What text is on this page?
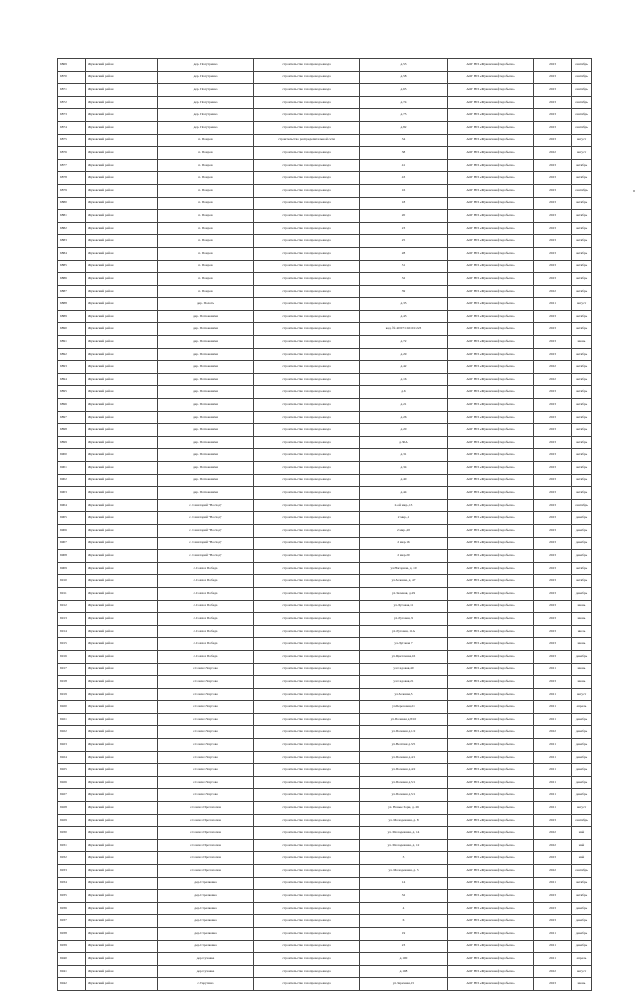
6869	Жуковский район	дер. Полутренко	строительство газопровода-ввода	д.53	АОГ НП «Жуковскнефтедобыча»	2023	сентябрь
6870	Жуковский район	дер. Полутренко	строительство газопровода-ввода	д.58	АОГ НП «Жуковскнефтедобыча»	2023	сентябрь
6871	Жуковский район	дер. Полутренко	строительство газопровода-ввода	д.65	АОГ НП «Жуковскнефтедобыча»	2023	сентябрь
6872	Жуковский район	дер. Полутренко	строительство газопровода-ввода	д.74	АОГ НП «Жуковскнефтедобыча»	2023	сентябрь
6873	Жуковский район	дер. Полутренко	строительство газопровода-ввода	д.75	АОГ НП «Жуковскнефтедобыча»	2023	сентябрь
6874	Жуковский район	дер. Полутренко	строительство газопровода-ввода	д.82	АОГ НП «Жуковскнефтедобыча»	2023	сентябрь
6875	Жуковский район	п. Покров	строительство распределительной сети	34	АОГ НП «Жуковскнефтедобыча»	2023	август
6876	Жуковский район	п. Покров	строительство газопровода-ввода	38	АОГ НП «Жуковскнефтедобыча»	2022	август
6877	Жуковский район	п. Покров	строительство газопровода-ввода	41	АОГ НП «Жуковскнефтедобыча»	2023	октябрь
6878	Жуковский район	п. Покров	строительство газопровода-ввода	43	АОГ НП «Жуковскнефтедобыча»	2023	октябрь
6879	Жуковский район	п. Покров	строительство газопровода-ввода	16	АОГ НП «Жуковскнефтедобыча»	2023	сентябрь
6880	Жуковский район	п. Покров	строительство газопровода-ввода	18	АОГ НП «Жуковскнефтедобыча»	2023	октябрь
6881	Жуковский район	п. Покров	строительство газопровода-ввода	20	АОГ НП «Жуковскнефтедобыча»	2023	октябрь
6882	Жуковский район	п. Покров	строительство газопровода-ввода	23	АОГ НП «Жуковскнефтедобыча»	2023	октябрь
6883	Жуковский район	п. Покров	строительство газопровода-ввода	25	АОГ НП «Жуковскнефтедобыча»	2023	октябрь
6884	Жуковский район	п. Покров	строительство газопровода-ввода	28	АОГ НП «Жуковскнефтедобыча»	2023	октябрь
6885	Жуковский район	п. Покров	строительство газопровода-ввода	31	АОГ НП «Жуковскнефтедобыча»	2023	октябрь
6886	Жуковский район	п. Покров	строительство газопровода-ввода	32	АОГ НП «Жуковскнефтедобыча»	2023	октябрь
6887	Жуковский район	п. Покров	строительство газопровода-ввода	39	АОГ НП «Жуковскнефтедобыча»	2022	октябрь
6888	Жуковский район	дер. Полоть	строительство газопровода-ввода	д.35	АОГ НП «Жуковскнефтедобыча»	2021	август
6889	Жуковский район	дер. Потюковичи	строительство газопровода-ввода	д.43	АОГ НП «Жуковскнефтедобыча»	2023	октябрь
6890	Жуковский район	дер. Потюковичи	строительство газопровода-ввода	кад. № 40:07:102101:223	АОГ НП «Жуковскнефтедобыча»	2023	октябрь
6891	Жуковский район	дер. Потюковичи	строительство газопровода-ввода	д.72	АОГ НП «Жуковскнефтедобыча»	2023	июнь
6892	Жуковский район	дер. Потюковичи	строительство газопровода-ввода	д.29	АОГ НП «Жуковскнефтедобыча»	2023	октябрь
6893	Жуковский район	дер. Потюковичи	строительство газопровода-ввода	д.42	АОГ НП «Жуковскнефтедобыча»	2022	октябрь
6894	Жуковский район	дер. Потюковичи	строительство газопровода-ввода	д.16	АОГ НП «Жуковскнефтедобыча»	2022	октябрь
6895	Жуковский район	дер. Потюковичи	строительство газопровода-ввода	д.6	АОГ НП «Жуковскнефтедобыча»	2023	октябрь
6896	Жуковский район	дер. Потюковичи	строительство газопровода-ввода	д.21	АОГ НП «Жуковскнефтедобыча»	2023	октябрь
6897	Жуковский район	дер. Потюковичи	строительство газопровода-ввода	д.26	АОГ НП «Жуковскнефтедобыча»	2023	октябрь
6898	Жуковский район	дер. Потюковичи	строительство газопровода-ввода	д.20	АОГ НП «Жуковскнефтедобыча»	2023	октябрь
6899	Жуковский район	дер. Потюковичи	строительство газопровода-ввода	д.30А	АОГ НП «Жуковскнефтедобыча»	2023	октябрь
6900	Жуковский район	дер. Потюковичи	строительство газопровода-ввода	д.31	АОГ НП «Жуковскнефтедобыча»	2023	октябрь
6901	Жуковский район	дер. Потюковичи	строительство газопровода-ввода	д.34	АОГ НП «Жуковскнефтедобыча»	2023	октябрь
6902	Жуковский район	дер. Потюковичи	строительство газопровода-ввода	д.40	АОГ НП «Жуковскнефтедобыча»	2023	октябрь
6903	Жуковский район	дер. Потюковичи	строительство газопровода-ввода	д.44	АОГ НП «Жуковскнефтедобыча»	2023	октябрь
6904	Жуковский район	с. Санаторий "Восход"	строительство газопровода-ввода	2-ой мкр.,13	АОГ НП «Жуковскнефтедобыча»	2023	сентябрь
6905	Жуковский район	с. Санаторий "Восход"	строительство газопровода-ввода	2 мкр.,1	АОГ НП «Жуковскнефтедобыча»	2023	декабрь
6906	Жуковский район	с. Санаторий "Восход"	строительство газопровода-ввода	2 мкр.,20	АОГ НП «Жуковскнефтедобыча»	2023	декабрь
6907	Жуковский район	с. Санаторий "Восход"	строительство газопровода-ввода	2 мкр.16	АОГ НП «Жуковскнефтедобыча»	2023	декабрь
6908	Жуковский район	с. Санаторий "Восход"	строительство газопровода-ввода	2 мкр.20	АОГ НП «Жуковскнефтедобыча»	2023	декабрь
6909	Жуковский район	с.Совхоз Победа	строительство газопровода-ввода	ул.Нагорная, д. 10	АОГ НП «Жуковскнефтедобыча»	2023	октябрь
6910	Жуковский район	с.Совхоз Победа	строительство газопровода-ввода	ул.Зеленая, д. 47	АОГ НП «Жуковскнефтедобыча»	2023	октябрь
6911	Жуковский район	с.Совхоз Победа	строительство газопровода-ввода	ул.Зеленая, д.29	АОГ НП «Жуковскнефтедобыча»	2023	декабрь
6912	Жуковский район	с.Совхоз Победа	строительство газопровода-ввода	ул.Луговая,11	АОГ НП «Жуковскнефтедобыча»	2023	июнь
6913	Жуковский район	с.Совхоз Победа	строительство газопровода-ввода	ул.Луговая, 9	АОГ НП «Жуковскнефтедобыча»	2023	июнь
6914	Жуковский район	с.Совхоз Победа	строительство газопровода-ввода	ул.Луговая, 11А	АОГ НП «Жуковскнефтедобыча»	2023	июль
6915	Жуковский район	с.Совхоз Победа	строительство газопровода-ввода	ул.Луговая 7	АОГ НП «Жуковскнефтедобыча»	2023	июнь
6916	Жуковский район	с.Совхоз Победа	строительство газопровода-ввода	ул.Цветочная,16	АОГ НП «Жуковскнефтедобыча»	2023	декабрь
6917	Жуковский район	с.Совхоз Чаусово	строительство газопровода-ввода	ул.Садовая,40	АОГ НП «Жуковскнефтедобыча»	2021	июнь
6918	Жуковский район	с.Совхоз Чаусово	строительство газопровода-ввода	ул.Садовая,21	АОГ НП «Жуковскнефтедобыча»	2023	июнь
6919	Жуковский район	с.Совхоз Чаусово	строительство газопровода-ввода	ул.Зеленая,5	АОГ НП «Жуковскнефтедобыча»	2021	август
6920	Жуковский район	с.Совхоз Чаусово	строительство газопровода-ввода	ул.Березовая,21	АОГ НП «Жуковскнефтедобыча»	2021	апрель
6921	Жуковский район	с.Совхоз Чаусово	строительство газопровода-ввода	ул.Полевая д.8/10	АОГ НП «Жуковскнефтедобыча»	2021	декабрь
6922	Жуковский район	с.Совхоз Чаусово	строительство газопровода-ввода	ул.Полевая д.1/2	АОГ НП «Жуковскнефтедобыча»	2022	декабрь
6923	Жуковский район	с.Совхоз Чаусово	строительство газопровода-ввода	ул.Весёлая д.3/5	АОГ НП «Жуковскнефтедобыча»	2021	декабрь
6924	Жуковский район	с.Совхоз Чаусово	строительство газопровода-ввода	ул.Полевая д.4/1	АОГ НП «Жуковскнефтедобыча»	2021	декабрь
6925	Жуковский район	с.Совхоз Чаусово	строительство газопровода-ввода	ул.Полевая д.4/2	АОГ НП «Жуковскнефтедобыча»	2021	декабрь
6926	Жуковский район	с.Совхоз Чаусово	строительство газопровода-ввода	ул.Полевая д.5/1	АОГ НП «Жуковскнефтедобыча»	2021	декабрь
6927	Жуковский район	с.Совхоз Чаусово	строительство газопровода-ввода	ул.Полевая д.5/1	АОГ НП «Жуковскнефтедобыча»	2021	декабрь
6928	Жуковский район	с.Совхоз Протопопов	строительство газопровода-ввода	ул. Новые Зори, д. 26	АОГ НП «Жуковскнефтедобыча»	2021	август
6929	Жуковский район	с.Совхоз Протопопов	строительство газопровода-ввода	ул. Молодежная, д. 8	АОГ НП «Жуковскнефтедобыча»	2023	сентябрь
6930	Жуковский район	с.Совхоз Протопопов	строительство газопровода-ввода	ул. Молодежная, д. 14	АОГ НП «Жуковскнефтедобыча»	2022	май
6931	Жуковский район	с.Совхоз Протопопов	строительство газопровода-ввода	ул. Молодежная, д. 12	АОГ НП «Жуковскнефтедобыча»	2022	май
6932	Жуковский район	с.Совхоз Протопопов	строительство газопровода-ввода	3	АОГ НП «Жуковскнефтедобыча»	2023	май
6933	Жуковский район	с.Совхоз Протопопов	строительство газопровода-ввода	ул. Молодежная, д. 5	АОГ НП «Жуковскнефтедобыча»	2022	сентябрь
6934	Жуковский район	дер.Стрелковка	строительство газопровода-ввода	14	АОГ НП «Жуковскнефтедобыча»	2021	октябрь
6935	Жуковский район	дер.Стрелковка	строительство газопровода-ввода	32	АОГ НП «Жуковскнефтедобыча»	2023	октябрь
6936	Жуковский район	дер.Стрелковка	строительство газопровода-ввода	4	АОГ НП «Жуковскнефтедобыча»	2023	декабрь
6937	Жуковский район	дер.Стрелковка	строительство газопровода-ввода	6	АОГ НП «Жуковскнефтедобыча»	2023	декабрь
6938	Жуковский район	дер.Стрелковка	строительство газопровода-ввода	19	АОГ НП «Жуковскнефтедобыча»	2021	декабрь
6939	Жуковский район	дер.Стрелковка	строительство газопровода-ввода	23	АОГ НП «Жуковскнефтедобыча»	2021	декабрь
6940	Жуковский район	дер.Суховка	строительство газопровода-ввода	д.100	АОГ НП «Жуковскнефтедобыча»	2021	апрель
6941	Жуковский район	дер.Суховка	строительство газопровода-ввода	д.108	АОГ НП «Жуковскнефтедобыча»	2022	август
6942	Жуковский район	с.Тарутино	строительство газопровода-ввода	ул.Заречная,15	АОГ НП «Жуковскнефтедобыча»	2023	июнь
